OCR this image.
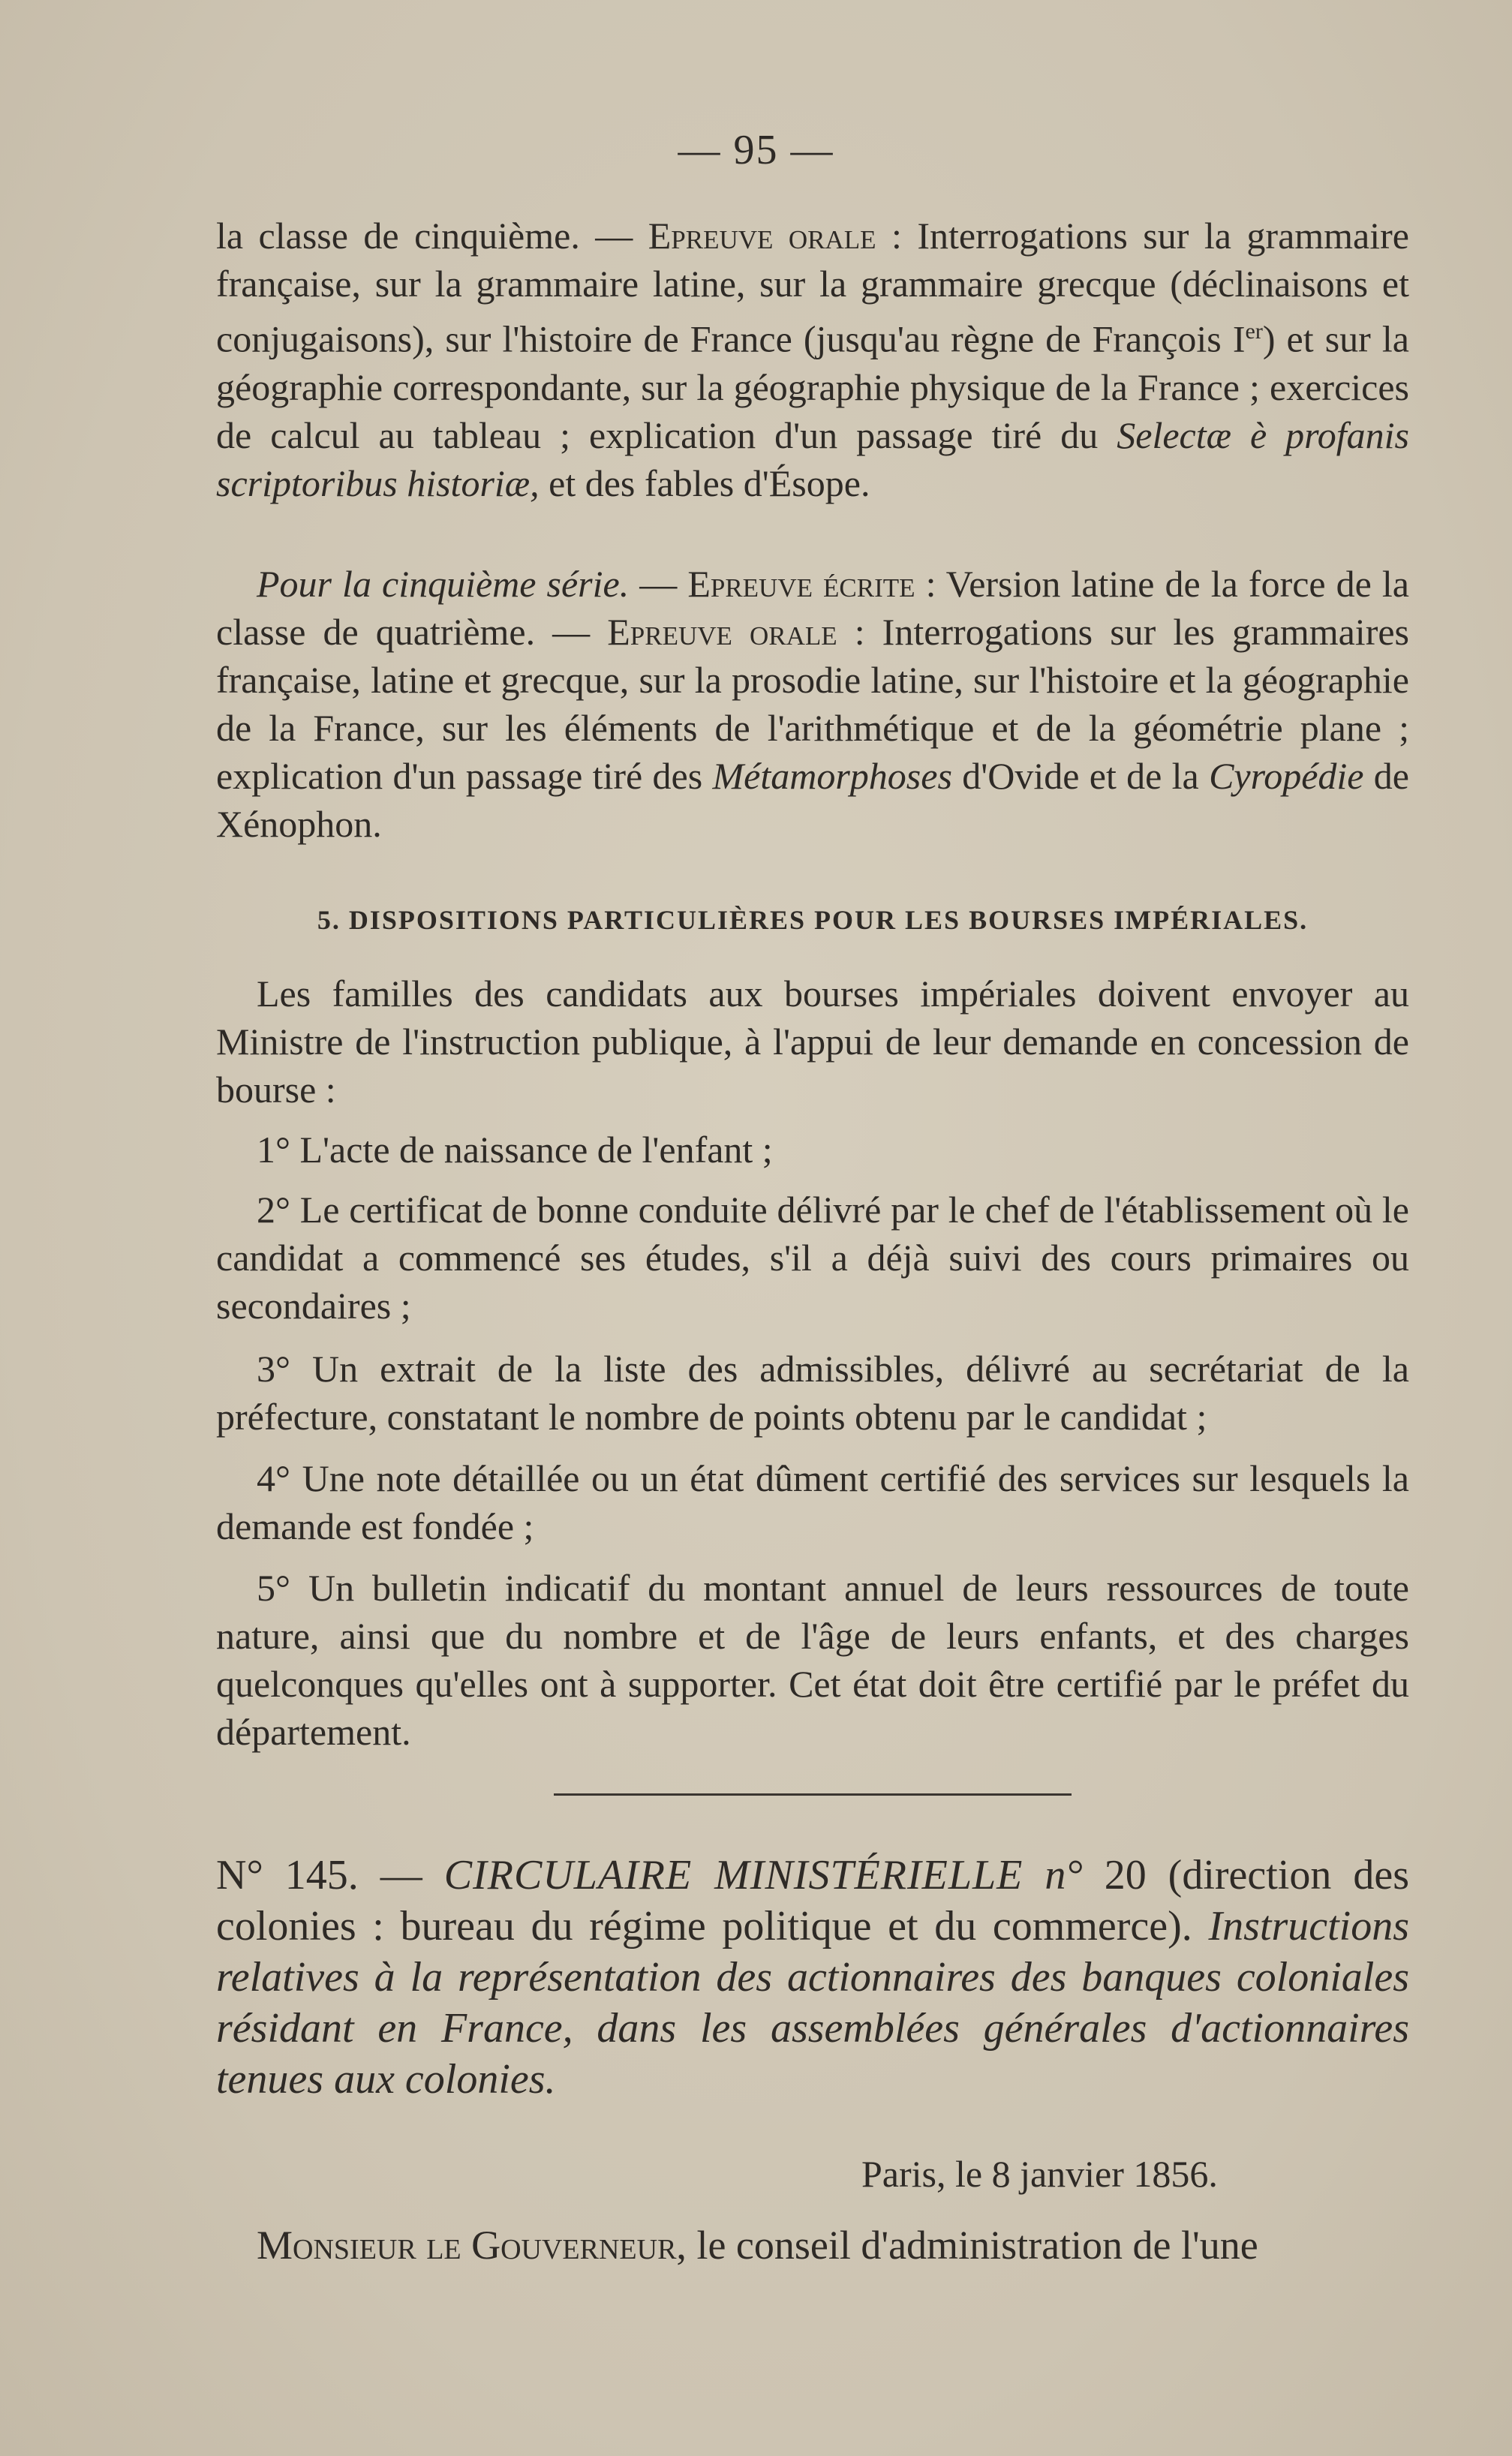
— 95 —
la classe de cinquième. — Epreuve orale : Interrogations sur la grammaire française, sur la grammaire latine, sur la grammaire grecque (déclinaisons et conjugaisons), sur l'histoire de France (jusqu'au règne de François Ier) et sur la géographie correspondante, sur la géographie physique de la France ; exercices de calcul au tableau ; explication d'un passage tiré du Selectæ è profanis scriptoribus historiæ, et des fables d'Ésope.
Pour la cinquième série. — Epreuve écrite : Version latine de la force de la classe de quatrième. — Epreuve orale : Interrogations sur les grammaires française, latine et grecque, sur la prosodie latine, sur l'histoire et la géographie de la France, sur les éléments de l'arithmétique et de la géométrie plane ; explication d'un passage tiré des Métamorphoses d'Ovide et de la Cyropédie de Xénophon.
5. DISPOSITIONS PARTICULIÈRES POUR LES BOURSES IMPÉRIALES.
Les familles des candidats aux bourses impériales doivent envoyer au Ministre de l'instruction publique, à l'appui de leur demande en concession de bourse :
1° L'acte de naissance de l'enfant ;
2° Le certificat de bonne conduite délivré par le chef de l'établissement où le candidat a commencé ses études, s'il a déjà suivi des cours primaires ou secondaires ;
3° Un extrait de la liste des admissibles, délivré au secrétariat de la préfecture, constatant le nombre de points obtenu par le candidat ;
4° Une note détaillée ou un état dûment certifié des services sur lesquels la demande est fondée ;
5° Un bulletin indicatif du montant annuel de leurs ressources de toute nature, ainsi que du nombre et de l'âge de leurs enfants, et des charges quelconques qu'elles ont à supporter. Cet état doit être certifié par le préfet du département.
N° 145. — CIRCULAIRE MINISTÉRIELLE n° 20 (direction des colonies : bureau du régime politique et du commerce). Instructions relatives à la représentation des actionnaires des banques coloniales résidant en France, dans les assemblées générales d'actionnaires tenues aux colonies.
Paris, le 8 janvier 1856.
Monsieur le Gouverneur, le conseil d'administration de l'une
